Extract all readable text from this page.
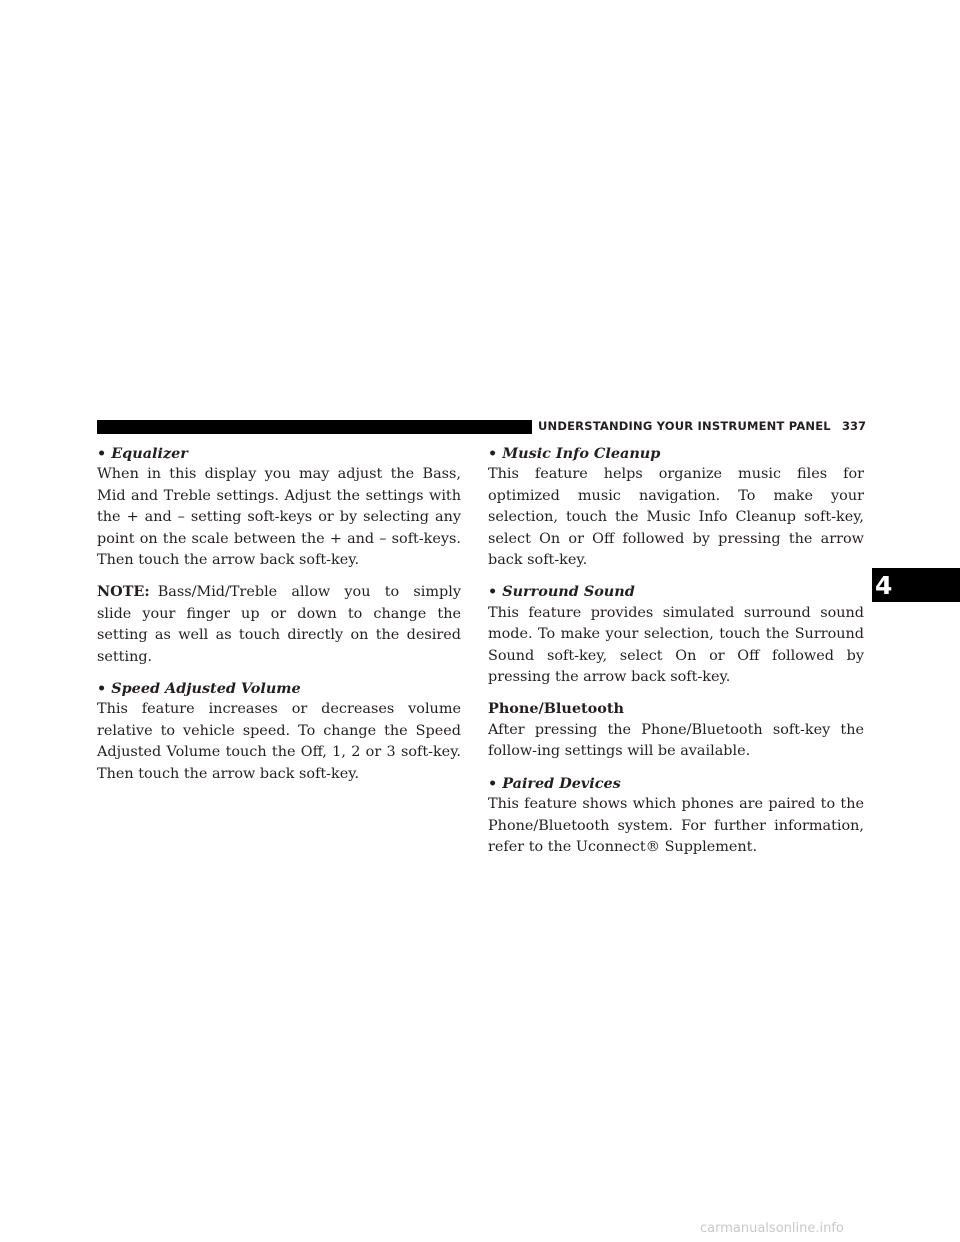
UNDERSTANDING YOUR INSTRUMENT PANEL 337
• Equalizer

When in this display you may adjust the Bass, Mid and Treble settings. Adjust the settings with the + and – setting soft-keys or by selecting any point on the scale between the + and – soft-keys. Then touch the arrow back soft-key.

NOTE: Bass/Mid/Treble allow you to simply slide your finger up or down to change the setting as well as touch directly on the desired setting.

• Speed Adjusted Volume

This feature increases or decreases volume relative to vehicle speed. To change the Speed Adjusted Volume touch the Off, 1, 2 or 3 soft-key. Then touch the arrow back soft-key.

• Music Info Cleanup

This feature helps organize music files for optimized music navigation. To make your selection, touch the Music Info Cleanup soft-key, select On or Off followed by pressing the arrow back soft-key.

• Surround Sound

This feature provides simulated surround sound mode. To make your selection, touch the Surround Sound soft-key, select On or Off followed by pressing the arrow back soft-key.

Phone/Bluetooth

After pressing the Phone/Bluetooth soft-key the follow-ing settings will be available.

• Paired Devices

This feature shows which phones are paired to the Phone/Bluetooth system. For further information, refer to the Uconnect® Supplement.

4
carmanualsonline.info
